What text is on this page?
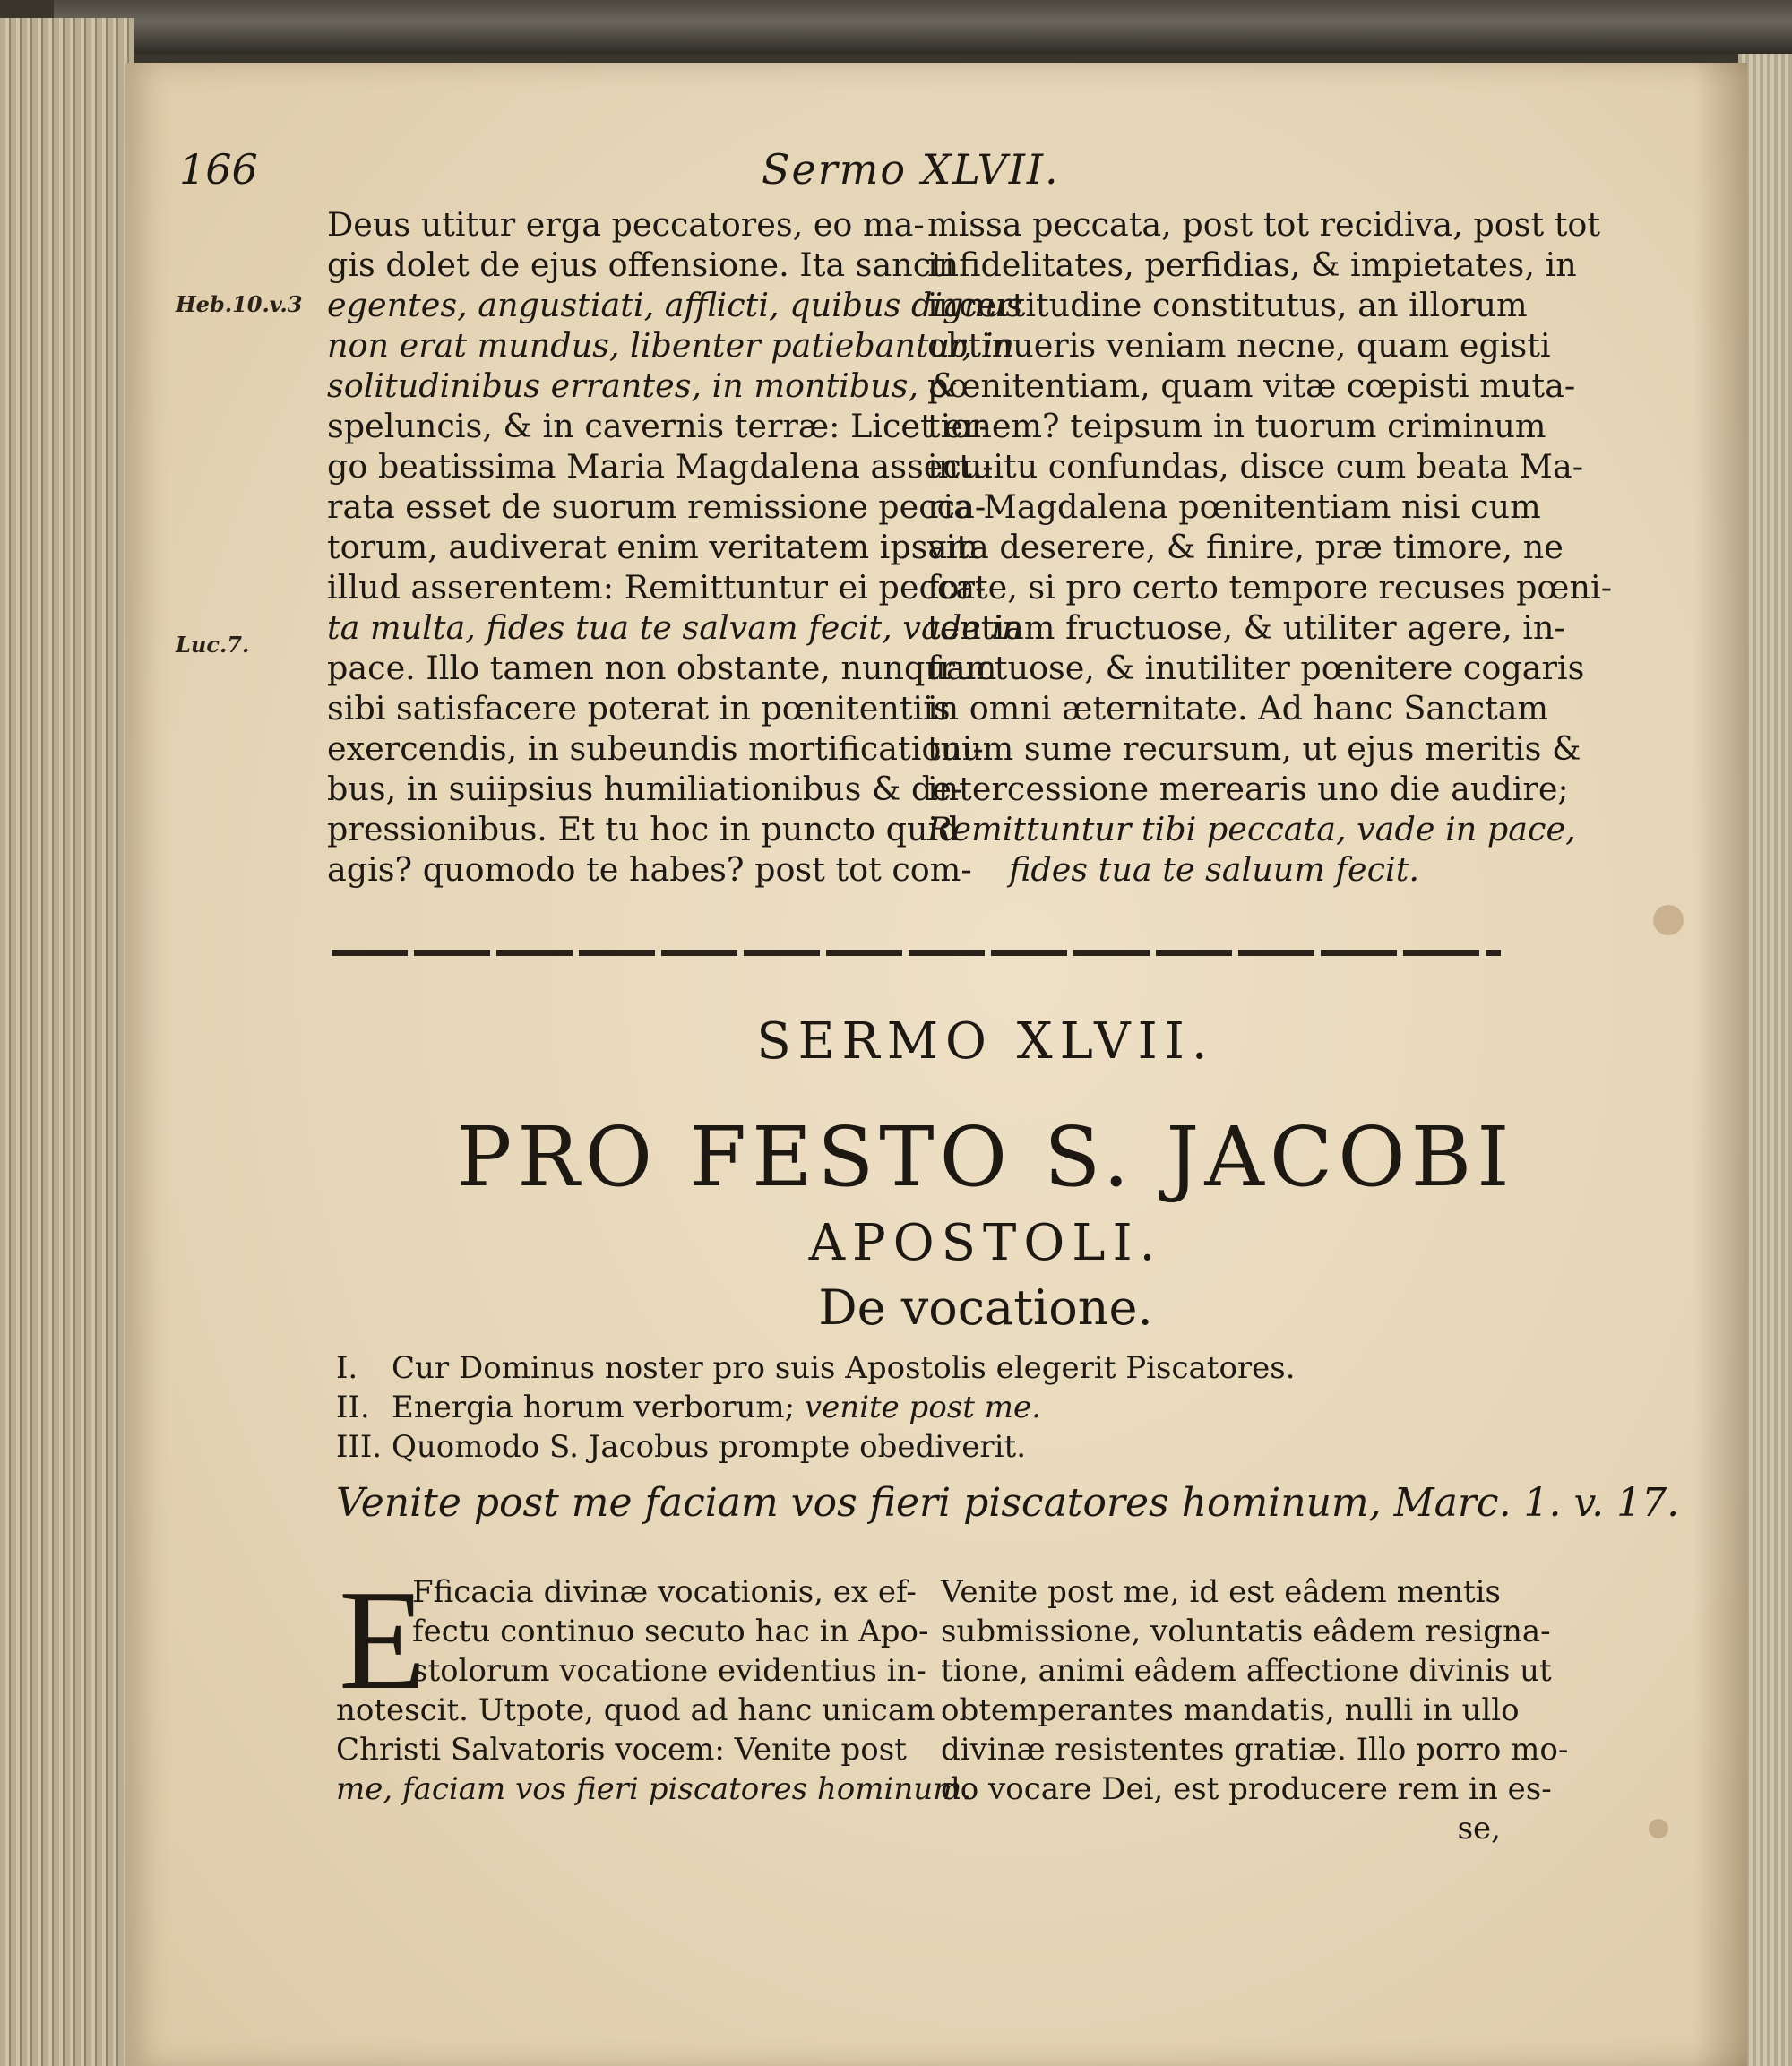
166	Sermo XLVII.
Heb.10.v.3
Luc.7.
Deus utitur erga peccatores, eo ma-
gis dolet de ejus offensione. Ita sancti
egentes, angustiati, afflicti, quibus dignus
non erat mundus, libenter patiebantur, in
solitudinibus errantes, in montibus, &
speluncis, & in cavernis terræ: Licet er-
go beatissima Maria Magdalena assecu-
rata esset de suorum remissione pecca-
torum, audiverat enim veritatem ipsam
illud asserentem: Remittuntur ei pecca-
ta multa, fides tua te salvam fecit, vade in
pace. Illo tamen non obstante, nunquam
sibi satisfacere poterat in pœnitentiis
exercendis, in subeundis mortificationi-
bus, in suiipsius humiliationibus & de-
pressionibus. Et tu hoc in puncto quid
agis? quomodo te habes? post tot com-
missa peccata, post tot recidiva, post tot
infidelitates, perfidias, & impietates, in
incertitudine constitutus, an illorum
obtinueris veniam necne, quam egisti
pœnitentiam, quam vitæ cœpisti muta-
tionem? teipsum in tuorum criminum
intuitu confundas, disce cum beata Ma-
ria Magdalena pœnitentiam nisi cum
vita deserere, & finire, præ timore, ne
forte, si pro certo tempore recuses pœni-
tentiam fructuose, & utiliter agere, in-
fructuose, & inutiliter pœnitere cogaris
in omni æternitate. Ad hanc Sanctam
tuum sume recursum, ut ejus meritis &
intercessione merearis uno die audire;
Remittuntur tibi peccata, vade in pace,
fides tua te saluum fecit.
SERMO XLVII.
PRO FESTO S. JACOBI
APOSTOLI.
De vocatione.
I. Cur Dominus noster pro suis Apostolis elegerit Piscatores.
II. Energia horum verborum; venite post me.
III. Quomodo S. Jacobus prompte obediverit.
Venite post me faciam vos fieri piscatores hominum, Marc. 1. v. 17.
E
Fficacia divinæ vocationis, ex ef-
fectu continuo secuto hac in Apo-
stolorum vocatione evidentius in-
notescit. Utpote, quod ad hanc unicam
Christi Salvatoris vocem: Venite post
me, faciam vos fieri piscatores hominum.
Venite post me, id est eâdem mentis
submissione, voluntatis eâdem resigna-
tione, animi eâdem affectione divinis ut
obtemperantes mandatis, nulli in ullo
divinæ resistentes gratiæ. Illo porro mo-
do vocare Dei, est producere rem in es-
se,
